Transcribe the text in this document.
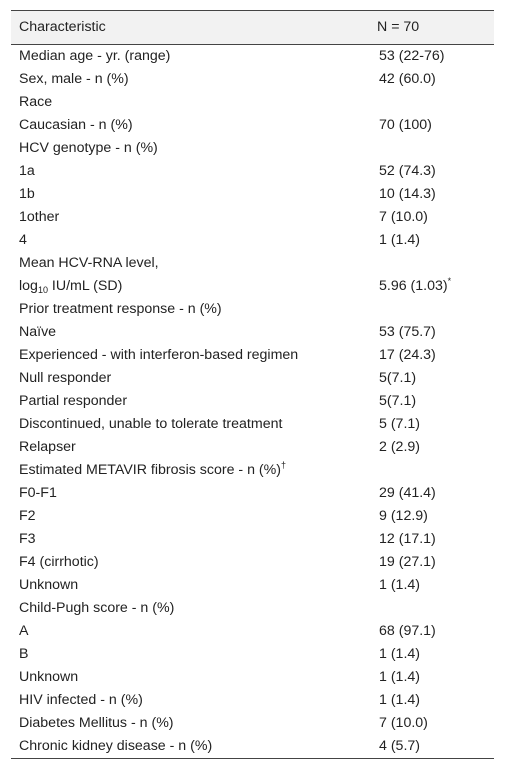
Characteristic	N = 70
Median age - yr. (range)	53 (22-76)
Sex, male - n (%)	42 (60.0)
Race	
Caucasian - n (%)	70 (100)
HCV genotype - n (%)	
1a	52 (74.3)
1b	10 (14.3)
1other	7 (10.0)
4	1 (1.4)
Mean HCV-RNA level,	
$\log_{10} IU/mL$ (SD)	5.96 (1.03)*
Prior treatment response - n (%)	
Naïve	53 (75.7)
Experienced - with interferon-based regimen	17 (24.3)
Null responder	5(7.1)
Partial responder	5(7.1)
Discontinued, unable to tolerate treatment	5 (7.1)
Relapser	2 (2.9)
Estimated METAVIR fibrosis score - n (%)†	
F0-F1	29 (41.4)
F2	9 (12.9)
F3	12 (17.1)
F4 (cirrhotic)	19 (27.1)
Unknown	1 (1.4)
Child-Pugh score - n (%)	
A	68 (97.1)
B	1 (1.4)
Unknown	1 (1.4)
HIV infected - n (%)	1 (1.4)
Diabetes Mellitus - n (%)	7 (10.0)
Chronic kidney disease - n (%)	4 (5.7)
